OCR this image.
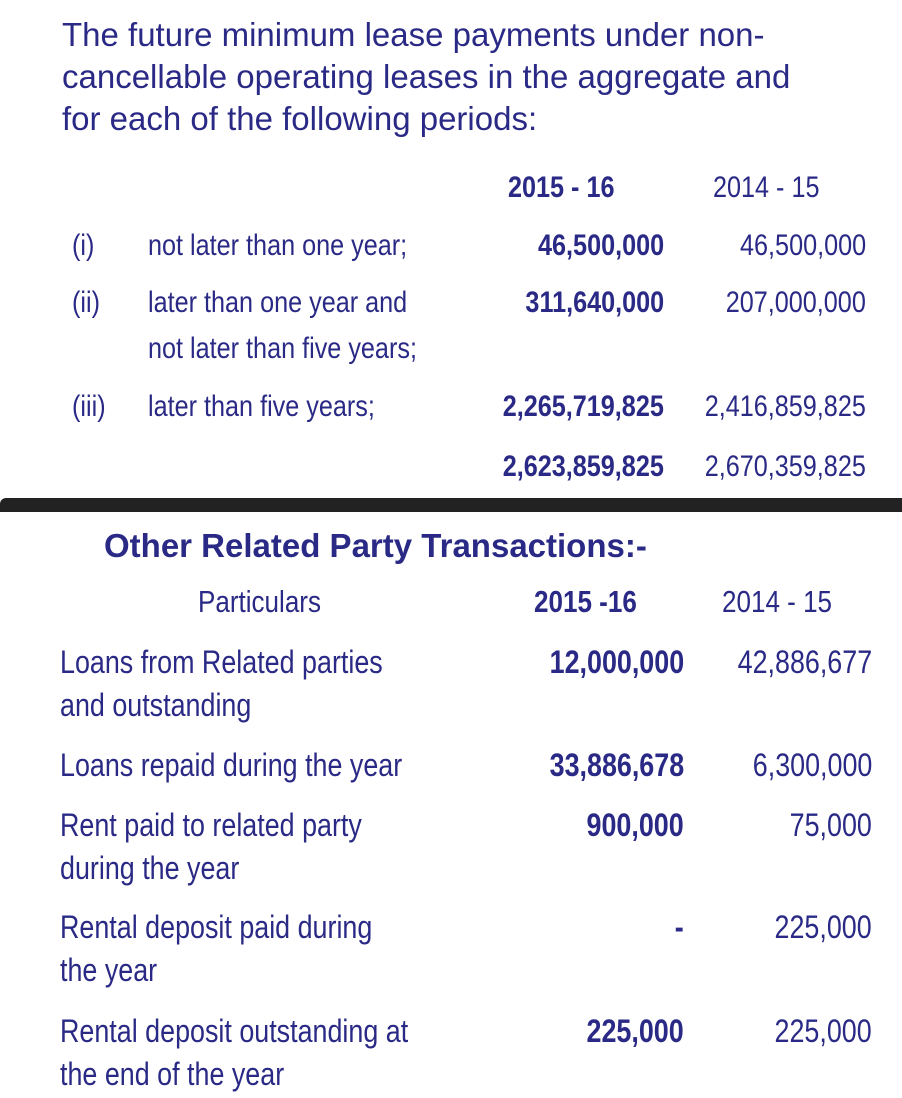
The future minimum lease payments under non-
cancellable operating leases in the aggregate and
for each of the following periods:

2015 - 16	2014 - 15
(i) not later than one year;	46,500,000	46,500,000
(ii) later than one year and
not later than five years;
311,640,000	207,000,000
(iii) later than five years;	2,265,719,825	2,416,859,825
2,623,859,825	2,670,359,825
Other Related Party Transactions:-
Particulars	2015 -16	2014 - 15
Loans from Related parties
and outstanding
12,000,000	42,886,677
Loans repaid during the year	33,886,678	6,300,000
Rent paid to related party
during the year
900,000	75,000
Rental deposit paid during
the year
-	225,000
Rental deposit outstanding at
the end of the year
225,000	225,000
